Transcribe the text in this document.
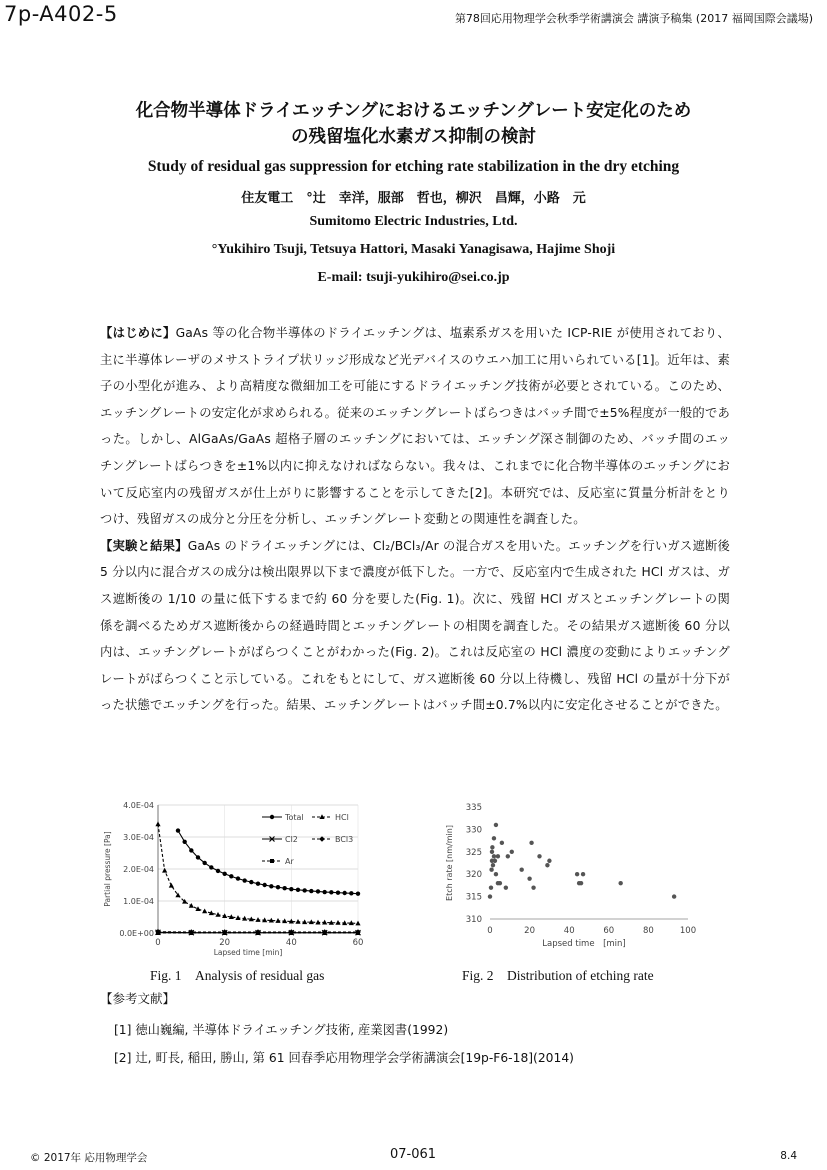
7p-A402-5	第78回応用物理学会秋季学術講演会 講演予稿集 (2017 福岡国際会議場)
化合物半導体ドライエッチングにおけるエッチングレート安定化のため
の残留塩化水素ガス抑制の検討
Study of residual gas suppression for etching rate stabilization in the dry etching
住友電工　°辻　幸洋，服部　哲也，柳沢　昌輝，小路　元
Sumitomo Electric Industries, Ltd.
°Yukihiro Tsuji, Tetsuya Hattori, Masaki Yanagisawa, Hajime Shoji
E-mail: tsuji-yukihiro@sei.co.jp

【はじめに】GaAs 等の化合物半導体のドライエッチングは、塩素系ガスを用いた ICP-RIE が使用されており、主に半導体レーザのメサストライプ状リッジ形成など光デバイスのウエハ加工に用いられている[1]。近年は、素子の小型化が進み、より高精度な微細加工を可能にするドライエッチング技術が必要とされている。このため、エッチングレートの安定化が求められる。従来のエッチングレートばらつきはバッチ間で±5%程度が一般的であった。しかし、AlGaAs/GaAs 超格子層のエッチングにおいては、エッチング深さ制御のため、バッチ間のエッチングレートばらつきを±1%以内に抑えなければならない。我々は、これまでに化合物半導体のエッチングにおいて反応室内の残留ガスが仕上がりに影響することを示してきた[2]。本研究では、反応室に質量分析計をとりつけ、残留ガスの成分と分圧を分析し、エッチングレート変動との関連性を調査した。

【実験と結果】GaAs のドライエッチングには、Cl₂/BCl₃/Ar の混合ガスを用いた。エッチングを行いガス遮断後 5 分以内に混合ガスの成分は検出限界以下まで濃度が低下した。一方で、反応室内で生成された HCl ガスは、ガス遮断後の 1/10 の量に低下するまで約 60 分を要した(Fig. 1)。次に、残留 HCl ガスとエッチングレートの関係を調べるためガス遮断後からの経過時間とエッチングレートの相関を調査した。その結果ガス遮断後 60 分以内は、エッチングレートがばらつくことがわかった(Fig. 2)。これは反応室の HCl 濃度の変動によりエッチングレートがばらつくこと示している。これをもとにして、ガス遮断後 60 分以上待機し、残留 HCl の量が十分下がった状態でエッチングを行った。結果、エッチングレートはバッチ間±0.7%以内に安定化させることができた。

0.0E+00
1.0E-04
2.0E-04
3.0E-04
4.0E-04
0	20	40	60
Lapsed time [min]
Partial pressure [Pa]
Total	HCl
Cl2	BCl3
Ar
Fig. 1　Analysis of residual gas
310
315
320
325
330
335
0	20	40	60	80	100
Lapsed time　[min]
Etch rate [nm/min]
Fig. 2　Distribution of etching rate
【参考文献】
[1] 徳山巍編, 半導体ドライエッチング技術, 産業図書(1992)
[2] 辻, 町長, 稲田, 勝山, 第 61 回春季応用物理学会学術講演会[19p-F6-18](2014)
© 2017年 応用物理学会	07-061	8.4
